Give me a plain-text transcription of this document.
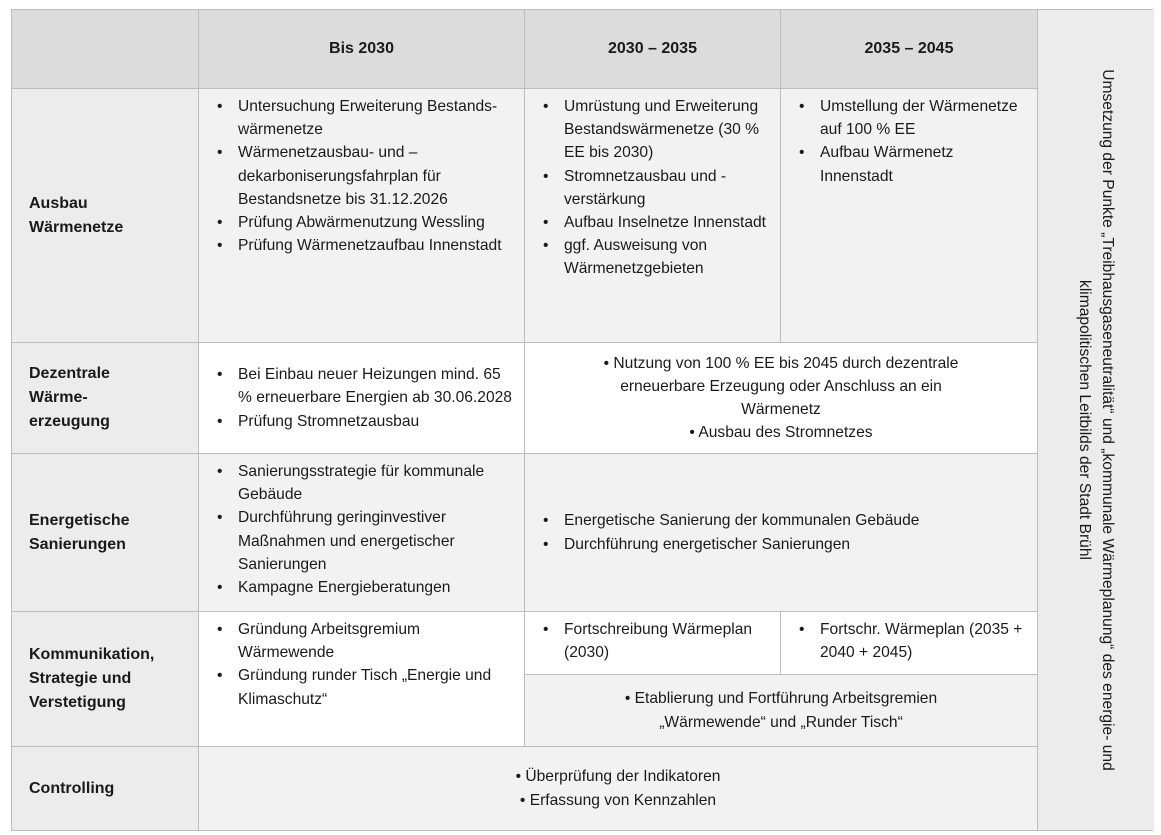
Bis 2030	2030 – 2035	2035 – 2045
Umsetzung der Punkte „Treibhausgaseneutralität“ und „kommunale Wärmeplanung“ des energie- und klimapolitischen Leitbilds der Stadt Brühl
Ausbau
Wärmenetze
• Untersuchung Erweiterung Bestands-wärmenetze
• Wärmenetzausbau- und –dekarboniserungsfahrplan für Bestandsnetze bis 31.12.2026
• Prüfung Abwärmenutzung Wessling
• Prüfung Wärmenetzaufbau Innenstadt
• Umrüstung und Erweiterung Bestandswärmenetze (30 % EE bis 2030)
• Stromnetzausbau und -verstärkung
• Aufbau Inselnetze Innenstadt
• ggf. Ausweisung von Wärmenetzgebieten
• Umstellung der Wärmenetze auf 100 % EE
• Aufbau Wärmenetz Innenstadt
Dezentrale
Wärme-
erzeugung
• Bei Einbau neuer Heizungen mind. 65 % erneuerbare Energien ab 30.06.2028
• Prüfung Stromnetzausbau
• Nutzung von 100 % EE bis 2045 durch dezentrale
erneuerbare Erzeugung oder Anschluss an ein
Wärmenetz
• Ausbau des Stromnetzes
Energetische
Sanierungen
• Sanierungsstrategie für kommunale Gebäude
• Durchführung geringinvestiver Maßnahmen und energetischer Sanierungen
• Kampagne Energieberatungen
• Energetische Sanierung der kommunalen Gebäude
• Durchführung energetischer Sanierungen
Kommunikation,
Strategie und
Verstetigung
• Gründung Arbeitsgremium Wärmewende
• Gründung runder Tisch „Energie und Klimaschutz“
• Fortschreibung Wärmeplan (2030)
• Fortschr. Wärmeplan (2035 + 2040 + 2045)
• Etablierung und Fortführung Arbeitsgremien
„Wärmewende“ und „Runder Tisch“
Controlling
• Überprüfung der Indikatoren
• Erfassung von Kennzahlen
